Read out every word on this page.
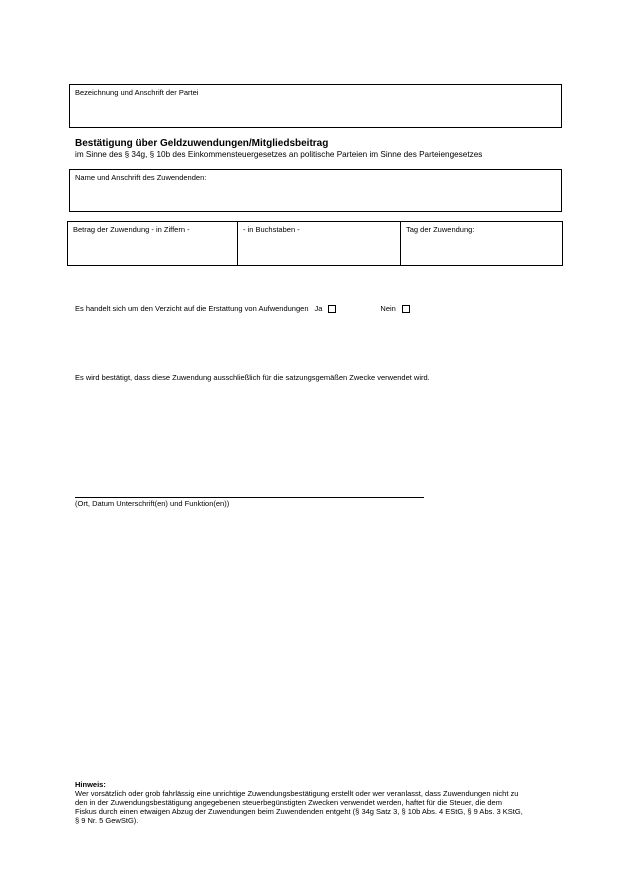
Bezeichnung und Anschrift der Partei
Bestätigung über Geldzuwendungen/Mitgliedsbeitrag
im Sinne des § 34g, § 10b des Einkommensteuergesetzes an politische Parteien im Sinne des Parteiengesetzes
Name und Anschrift des Zuwendenden:
Betrag der Zuwendung - in Ziffern -	- in Buchstaben -	Tag der Zuwendung:
Es handelt sich um den Verzicht auf die Erstattung von Aufwendungen Ja	Nein
Es wird bestätigt, dass diese Zuwendung ausschließlich für die satzungsgemäßen Zwecke verwendet wird.
(Ort, Datum Unterschrift(en) und Funktion(en))
Hinweis:
Wer vorsätzlich oder grob fahrlässig eine unrichtige Zuwendungsbestätigung erstellt oder wer veranlasst, dass Zuwendungen nicht zu den in der Zuwendungsbestätigung angegebenen steuerbegünstigten Zwecken verwendet werden, haftet für die Steuer, die dem Fiskus durch einen etwaigen Abzug der Zuwendungen beim Zuwendenden entgeht (§ 34g Satz 3, § 10b Abs. 4 EStG, § 9 Abs. 3 KStG, § 9 Nr. 5 GewStG).
